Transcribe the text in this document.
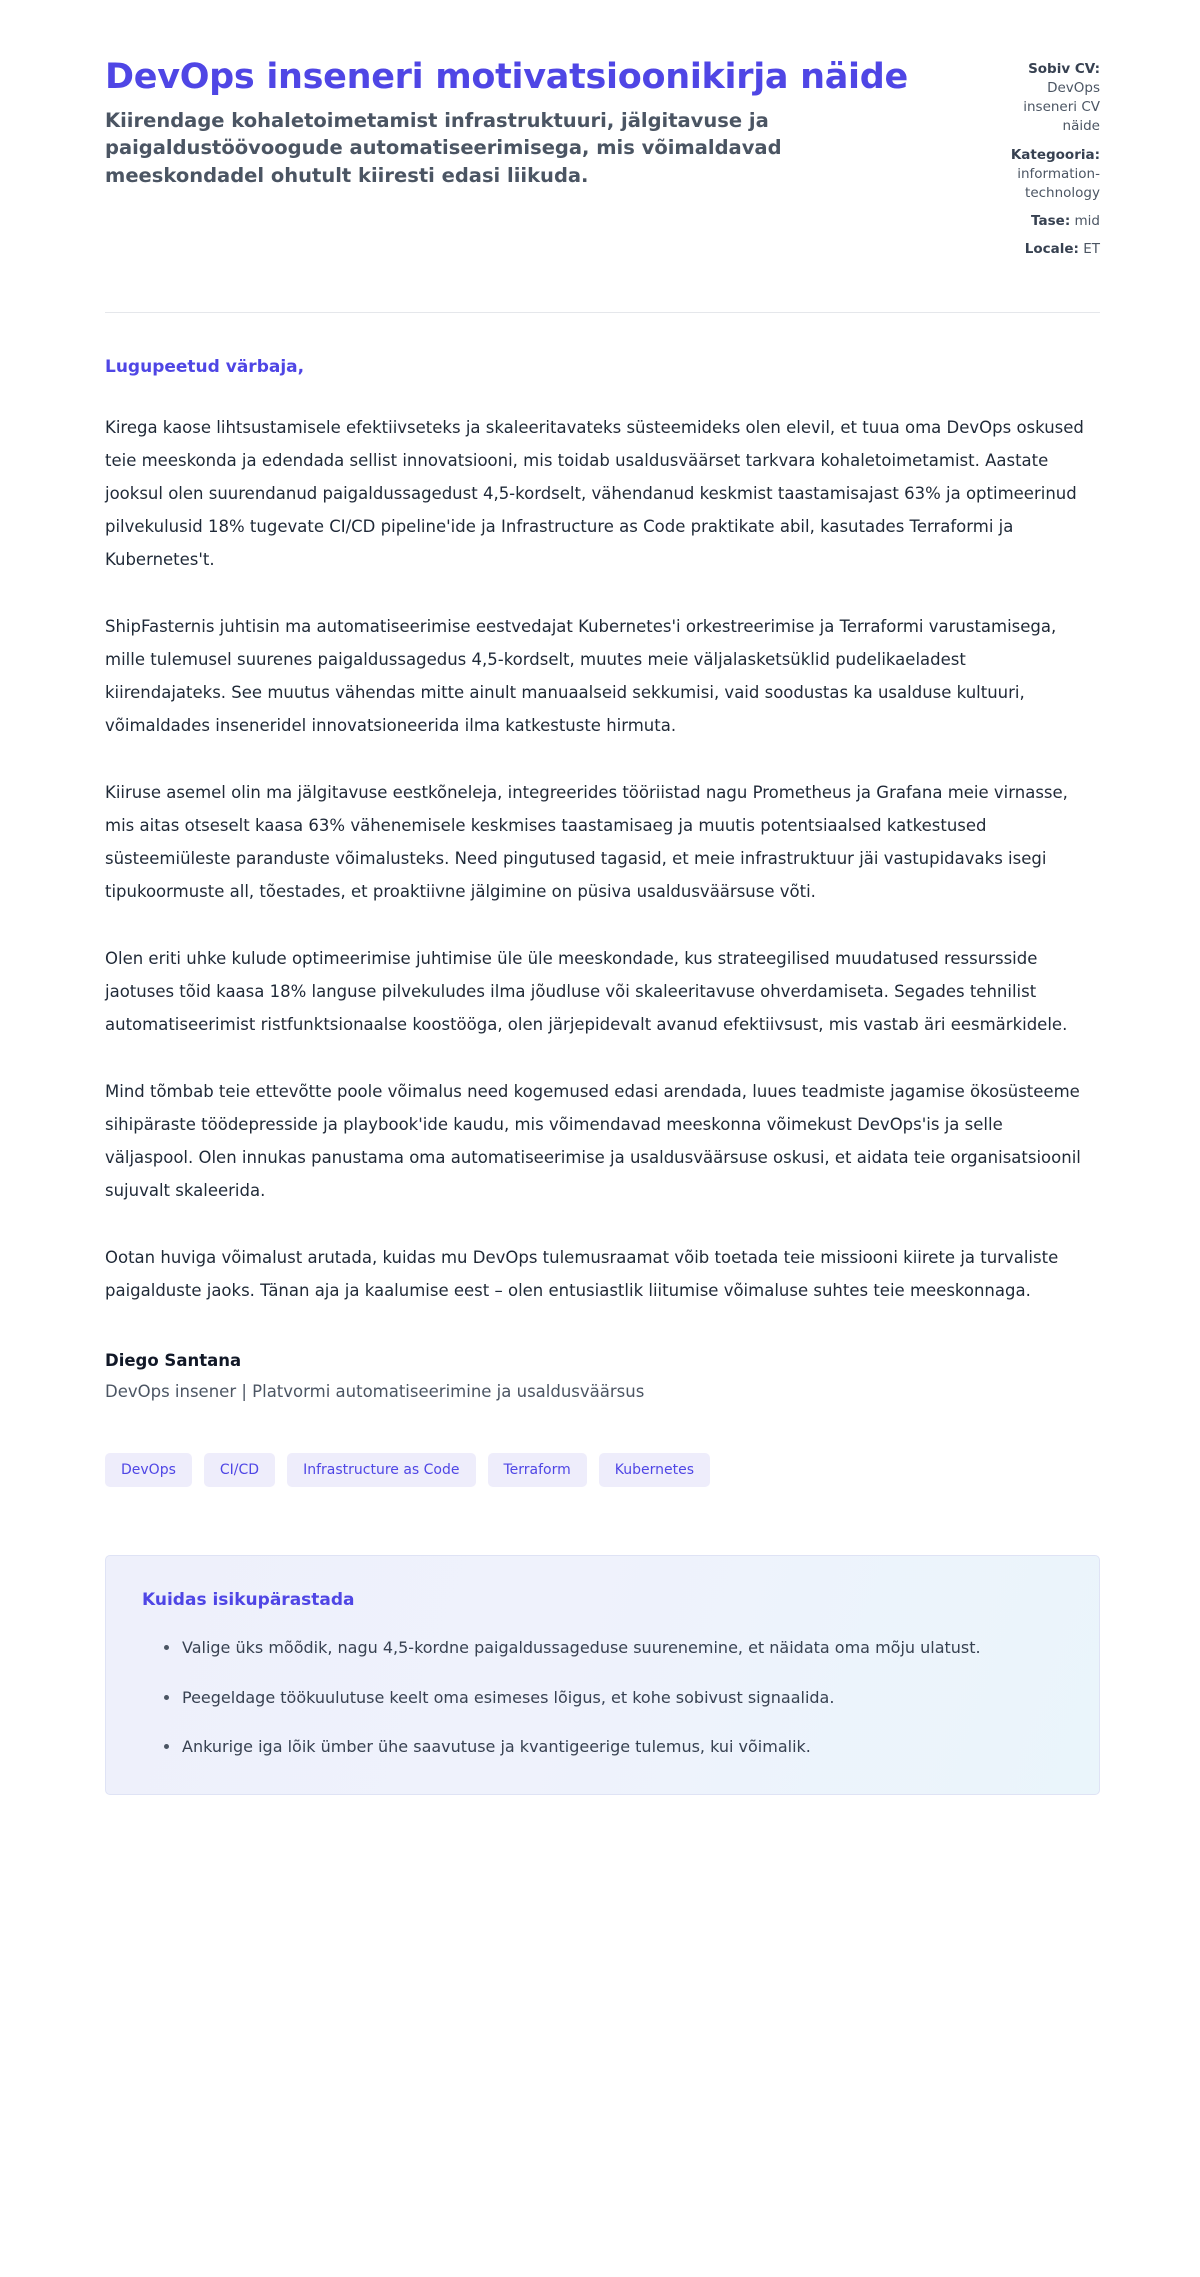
DevOps inseneri motivatsioonikirja näide

Kiirendage kohaletoimetamist infrastruktuuri, jälgitavuse ja paigaldustöövoogude automatiseerimisega, mis võimaldavad meeskondadel ohutult kiiresti edasi liikuda.

Sobiv CV:
DevOps inseneri CV näide
Kategooria:
information-technology
Tase: mid
Locale: ET

Lugupeetud värbaja,

Kirega kaose lihtsustamisele efektiivseteks ja skaleeritavateks süsteemideks olen elevil, et tuua oma DevOps oskused teie meeskonda ja edendada sellist innovatsiooni, mis toidab usaldusväärset tarkvara kohaletoimetamist. Aastate jooksul olen suurendanud paigaldussagedust 4,5-kordselt, vähendanud keskmist taastamisajast 63% ja optimeerinud pilvekulusid 18% tugevate CI/CD pipeline'ide ja Infrastructure as Code praktikate abil, kasutades Terraformi ja Kubernetes't.

ShipFasternis juhtisin ma automatiseerimise eestvedajat Kubernetes'i orkestreerimise ja Terraformi varustamisega, mille tulemusel suurenes paigaldussagedus 4,5-kordselt, muutes meie väljalasketsüklid pudelikaeladest kiirendajateks. See muutus vähendas mitte ainult manuaalseid sekkumisi, vaid soodustas ka usalduse kultuuri, võimaldades inseneridel innovatsioneerida ilma katkestuste hirmuta.

Kiiruse asemel olin ma jälgitavuse eestkõneleja, integreerides tööriistad nagu Prometheus ja Grafana meie virnasse, mis aitas otseselt kaasa 63% vähenemisele keskmises taastamisaeg ja muutis potentsiaalsed katkestused süsteemiüleste paranduste võimalusteks. Need pingutused tagasid, et meie infrastruktuur jäi vastupidavaks isegi tipukoormuste all, tõestades, et proaktiivne jälgimine on püsiva usaldusväärsuse võti.

Olen eriti uhke kulude optimeerimise juhtimise üle üle meeskondade, kus strateegilised muudatused ressursside jaotuses tõid kaasa 18% languse pilvekuludes ilma jõudluse või skaleeritavuse ohverdamiseta. Segades tehnilist automatiseerimist ristfunktsionaalse koostööga, olen järjepidevalt avanud efektiivsust, mis vastab äri eesmärkidele.

Mind tõmbab teie ettevõtte poole võimalus need kogemused edasi arendada, luues teadmiste jagamise ökosüsteeme sihipäraste töödepresside ja playbook'ide kaudu, mis võimendavad meeskonna võimekust DevOps'is ja selle väljaspool. Olen innukas panustama oma automatiseerimise ja usaldusväärsuse oskusi, et aidata teie organisatsioonil sujuvalt skaleerida.

Ootan huviga võimalust arutada, kuidas mu DevOps tulemusraamat võib toetada teie missiooni kiirete ja turvaliste paigalduste jaoks. Tänan aja ja kaalumise eest – olen entusiastlik liitumise võimaluse suhtes teie meeskonnaga.

Diego Santana

DevOps insener | Platvormi automatiseerimine ja usaldusväärsus

DevOps	CI/CD	Infrastructure as Code	Terraform	Kubernetes
Kuidas isikupärastada
Valige üks mõõdik, nagu 4,5-kordne paigaldussageduse suurenemine, et näidata oma mõju ulatust.
Peegeldage töökuulutuse keelt oma esimeses lõigus, et kohe sobivust signaalida.
Ankurige iga lõik ümber ühe saavutuse ja kvantigeerige tulemus, kui võimalik.
